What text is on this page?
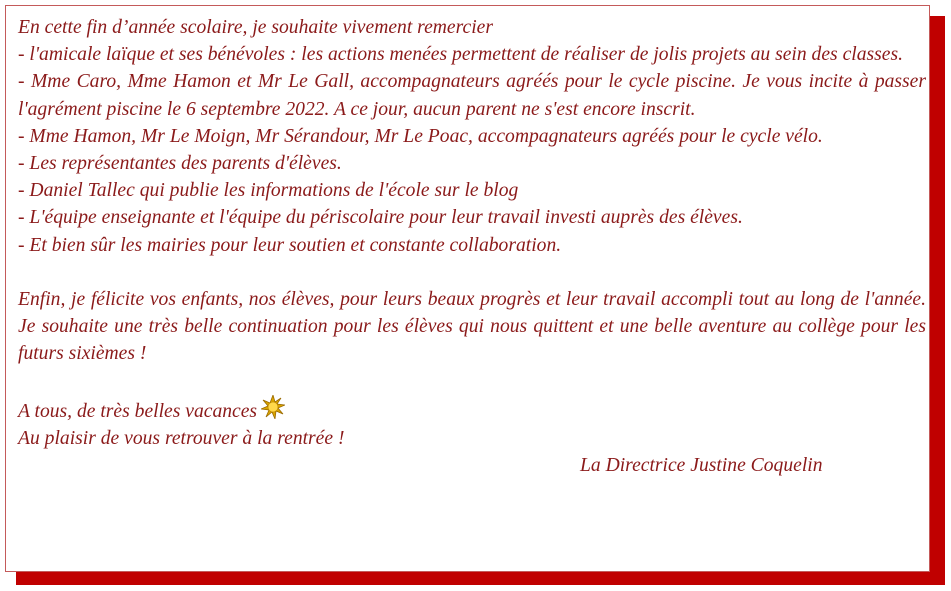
En cette fin d’année scolaire, je souhaite vivement remercier

- l'amicale laïque et ses bénévoles : les actions menées permettent de réaliser de jolis projets au sein des classes.

- Mme Caro, Mme Hamon et Mr Le Gall, accompagnateurs agréés pour le cycle piscine. Je vous incite à passer l'agrément piscine le 6 septembre 2022. A ce jour, aucun parent ne s'est encore inscrit.

- Mme Hamon, Mr Le Moign, Mr Sérandour, Mr Le Poac, accompagnateurs agréés pour le cycle vélo.

- Les représentantes des parents d'élèves.

- Daniel Tallec qui publie les informations de l'école sur le blog

- L'équipe enseignante et l'équipe du périscolaire pour leur travail investi auprès des élèves.

- Et bien sûr les mairies pour leur soutien et constante collaboration.

Enfin, je félicite vos enfants, nos élèves, pour leurs beaux progrès et leur travail accompli tout au long de l'année. Je souhaite une très belle continuation pour les élèves qui nous quittent et une belle aventure au collège pour les futurs sixièmes !

A tous, de très belles vacances

Au plaisir de vous retrouver à la rentrée !

La Directrice Justine Coquelin
